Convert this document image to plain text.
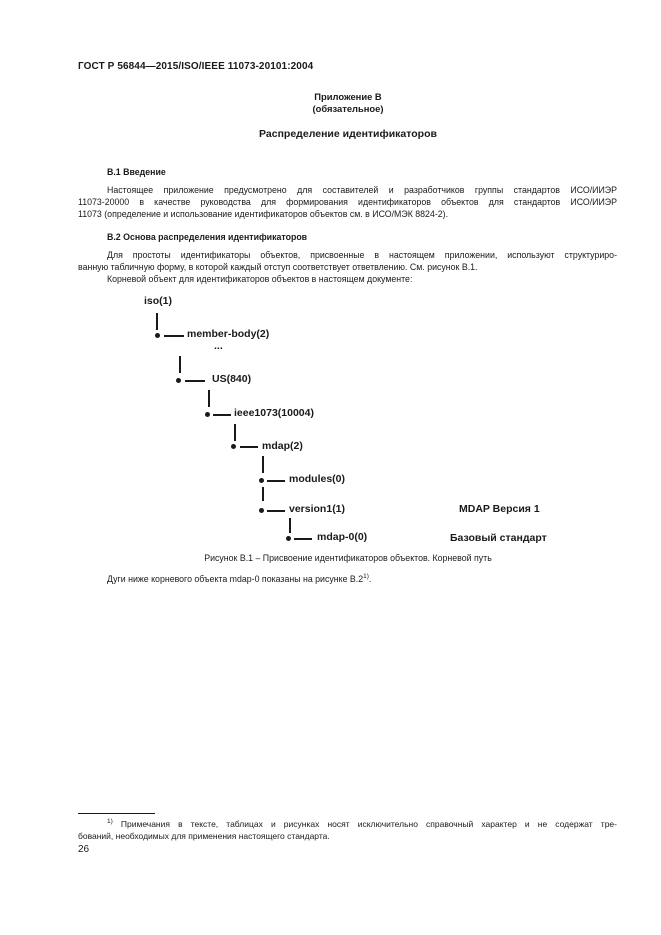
ГОСТ Р 56844—2015/ISO/IEEE 11073-20101:2004
Приложение В
(обязательное)
Распределение идентификаторов
В.1 Введение

Настоящее приложение предусмотрено для составителей и разработчиков группы стандартов ИСО/ИИЭР

11073-20000 в качестве руководства для формирования идентификаторов объектов для стандартов ИСО/ИИЭР

11073 (определение и использование идентификаторов объектов см. в ИСО/МЭК 8824-2).

В.2 Основа распределения идентификаторов

Для простоты идентификаторы объектов, присвоенные в настоящем приложении, используют структуриро-

ванную табличную форму, в которой каждый отступ соответствует ответвлению. См. рисунок В.1.

Корневой объект для идентификаторов объектов в настоящем документе:

iso(1)
member-body(2)
...
US(840)
ieee1073(10004)
mdap(2)
modules(0)
version1(1)
mdap-0(0)
MDAP Версия 1
Базовый стандарт
Рисунок В.1 – Присвоение идентификаторов объектов. Корневой путь
Дуги ниже корневого объекта mdap-0 показаны на рисунке В.2$^{1)}$.
$^{1)}$ Примечания в тексте, таблицах и рисунках носят исключительно справочный характер и не содержат тре-
бований, необходимых для применения настоящего стандарта.
26
